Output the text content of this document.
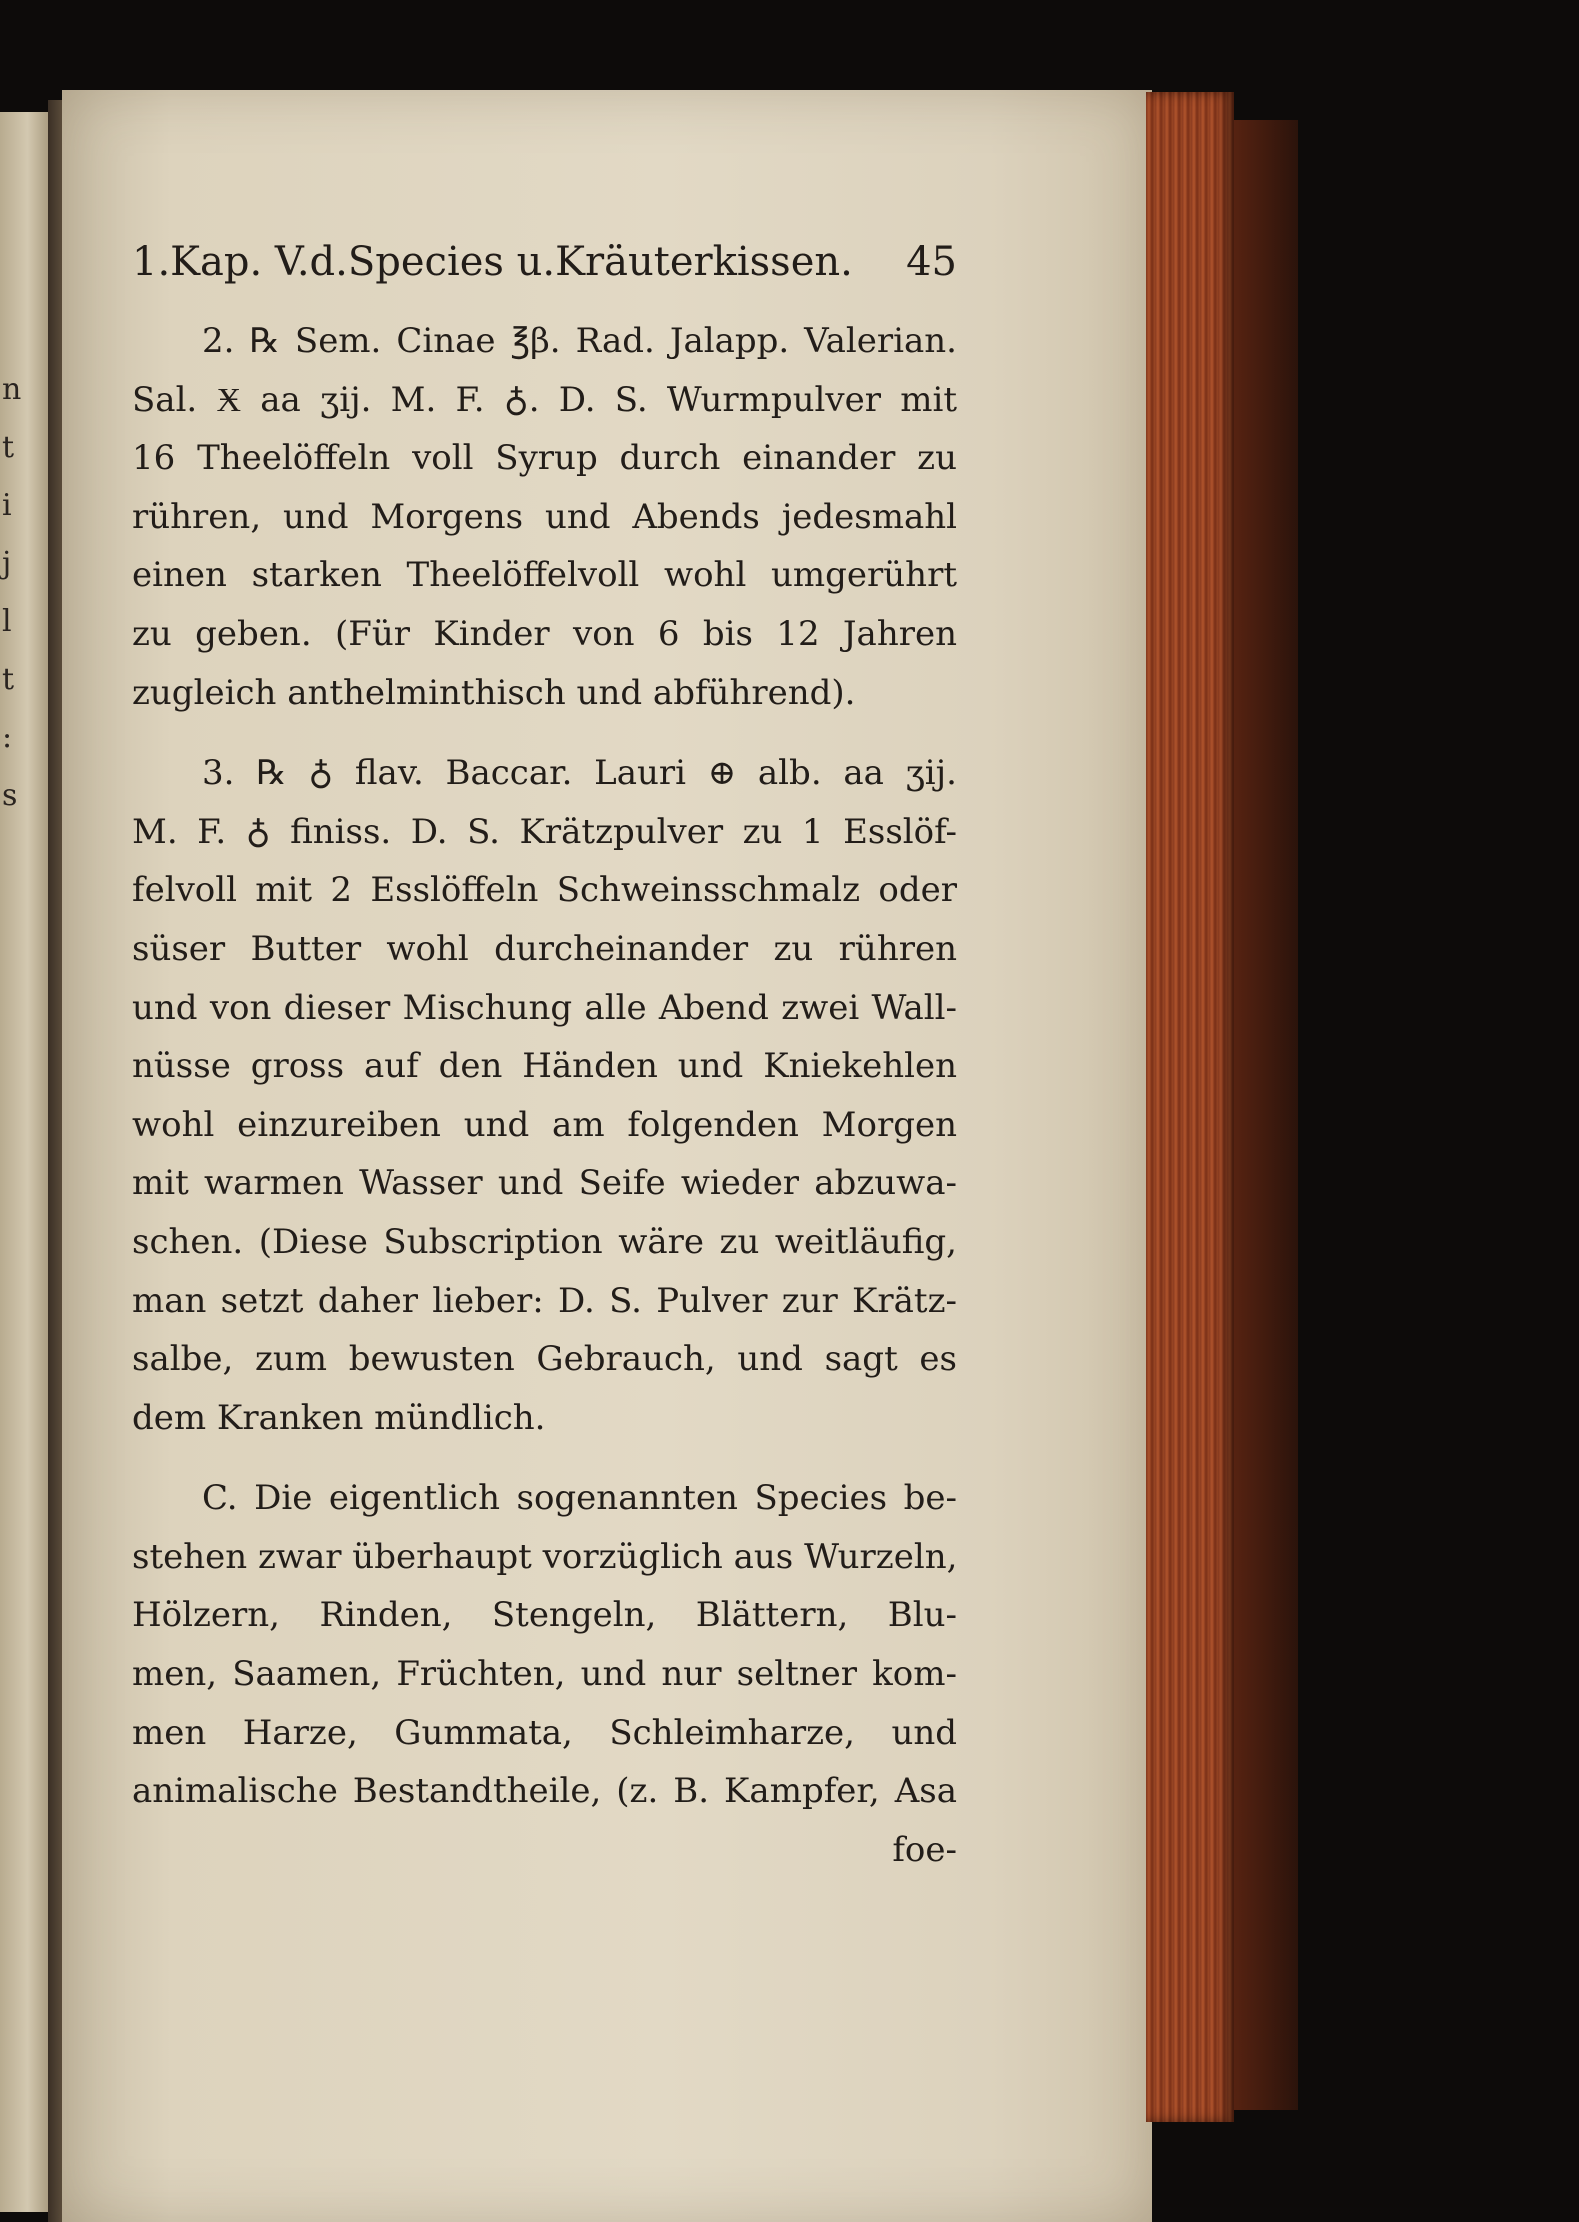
n
t
i
j
l
t
:
s
1.Kap. V.d.Species u.Kräuterkissen. 45
2. ℞ Sem. Cinae ℥β. Rad. Jalapp. Valerian.
Sal. Ӿ aa ʒij. M. F. ♁. D. S. Wurmpulver mit
16 Theelöffeln voll Syrup durch einander zu
rühren, und Morgens und Abends jedesmahl
einen starken Theelöffelvoll wohl umgerührt
zu geben. (Für Kinder von 6 bis 12 Jahren
zugleich anthelminthisch und abführend).
3. ℞ ♁ flav. Baccar. Lauri ⊕ alb. aa ʒij.
M. F. ♁ finiss. D. S. Krätzpulver zu 1 Esslöf-
felvoll mit 2 Esslöffeln Schweinsschmalz oder
süser Butter wohl durcheinander zu rühren
und von dieser Mischung alle Abend zwei Wall-
nüsse gross auf den Händen und Kniekehlen
wohl einzureiben und am folgenden Morgen
mit warmen Wasser und Seife wieder abzuwa-
schen. (Diese Subscription wäre zu weitläufig,
man setzt daher lieber: D. S. Pulver zur Krätz-
salbe, zum bewusten Gebrauch, und sagt es
dem Kranken mündlich.
C. Die eigentlich sogenannten Species be-
stehen zwar überhaupt vorzüglich aus Wurzeln,
Hölzern, Rinden, Stengeln, Blättern, Blu-
men, Saamen, Früchten, und nur seltner kom-
men Harze, Gummata, Schleimharze, und
animalische Bestandtheile, (z. B. Kampfer, Asa
foe-
